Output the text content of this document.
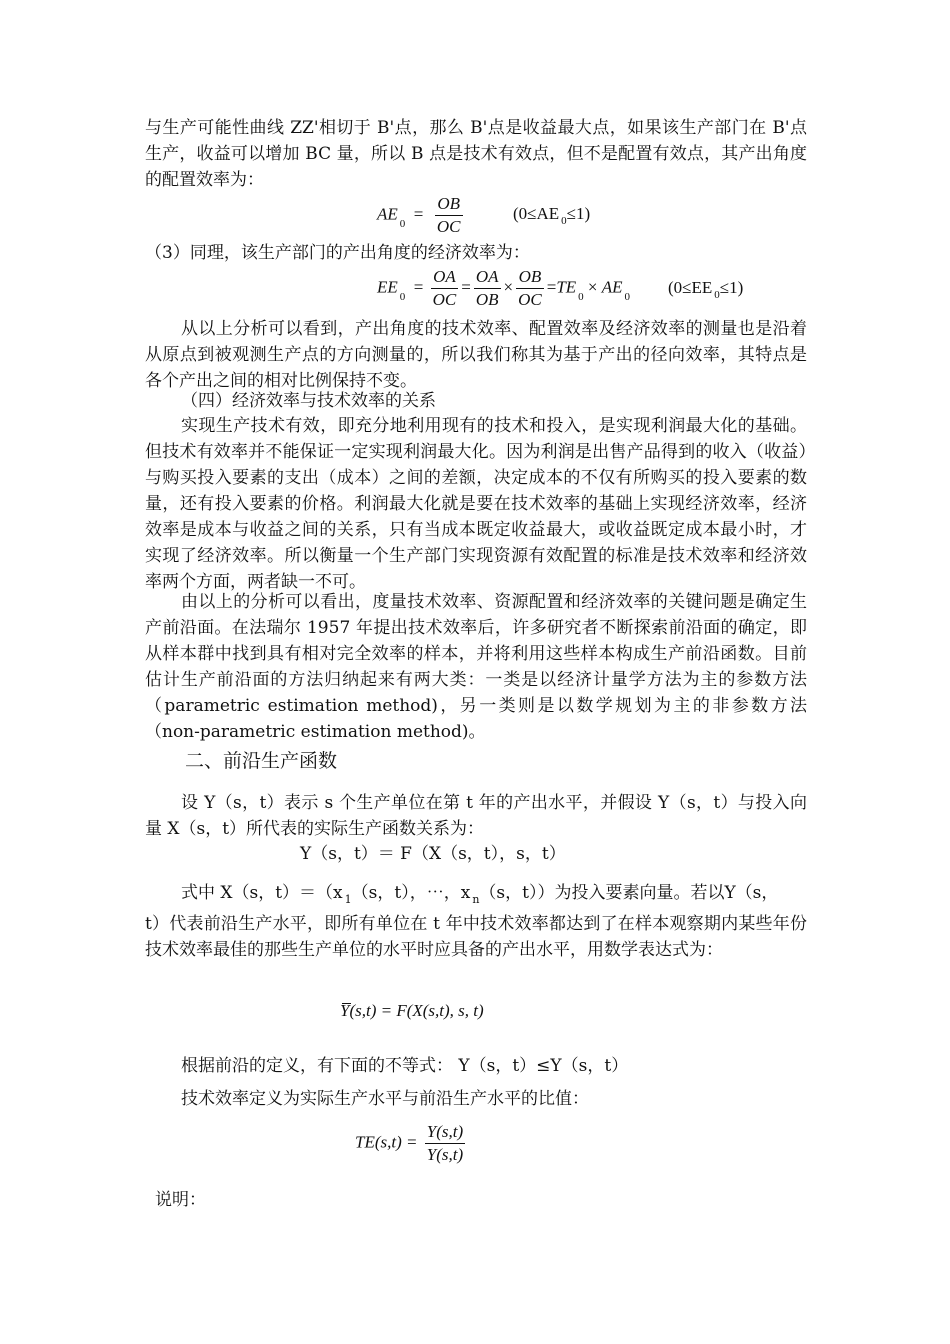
与生产可能性曲线 ZZ'相切于 B'点，那么 B'点是收益最大点，如果该生产部门在 B'点生产，收益可以增加 BC 量，所以 B 点是技术有效点，但不是配置有效点，其产出角度的配置效率为：
$AE_0 = \frac{OB}{OC}$	(0≤AE $_0$≤1)
（3）同理，该生产部门的产出角度的经济效率为：
$EE_0 = \frac{OA}{OC} = \frac{OA}{OB} \times \frac{OB}{OC} =TE_0 \times AE_0$
(0≤EE $_0$≤1)
从以上分析可以看到，产出角度的技术效率、配置效率及经济效率的测量也是沿着从原点到被观测生产点的方向测量的，所以我们称其为基于产出的径向效率，其特点是各个产出之间的相对比例保持不变。
（四）经济效率与技术效率的关系
实现生产技术有效，即充分地利用现有的技术和投入，是实现利润最大化的基础。但技术有效率并不能保证一定实现利润最大化。因为利润是出售产品得到的收入（收益）与购买投入要素的支出（成本）之间的差额，决定成本的不仅有所购买的投入要素的数量，还有投入要素的价格。利润最大化就是要在技术效率的基础上实现经济效率，经济效率是成本与收益之间的关系，只有当成本既定收益最大，或收益既定成本最小时，才实现了经济效率。所以衡量一个生产部门实现资源有效配置的标准是技术效率和经济效率两个方面，两者缺一不可。
由以上的分析可以看出，度量技术效率、资源配置和经济效率的关键问题是确定生产前沿面。在法瑞尔 1957 年提出技术效率后，许多研究者不断探索前沿面的确定，即从样本群中找到具有相对完全效率的样本，并将利用这些样本构成生产前沿函数。目前估计生产前沿面的方法归纳起来有两大类：一类是以经济计量学方法为主的参数方法（parametric estimation method)，另一类则是以数学规划为主的非参数方法（non-parametric estimation method)。
二、前沿生产函数
设 Y（s，t）表示 s 个生产单位在第 t 年的产出水平，并假设 Y（s，t）与投入向量 X（s，t）所代表的实际生产函数关系为：
Y（s，t）＝ F（X（s，t），s，t）
式中 X（s，t）＝（x $_1$（s，t），⋯，x $_n$（s，t））为投入要素向量。若以Y（s，
t）代表前沿生产水平，即所有单位在 t 年中技术效率都达到了在样本观察期内某些年份技术效率最佳的那些生产单位的水平时应具备的产出水平，用数学表达式为：
Y(s,t) = F(X(s,t), s, t)
根据前沿的定义，有下面的不等式： Y（s，t）≤Y（s，t）
技术效率定义为实际生产水平与前沿生产水平的比值：
$TE(s,t) = \frac{Y(s,t)}{Y(s,t)}$
说明：
